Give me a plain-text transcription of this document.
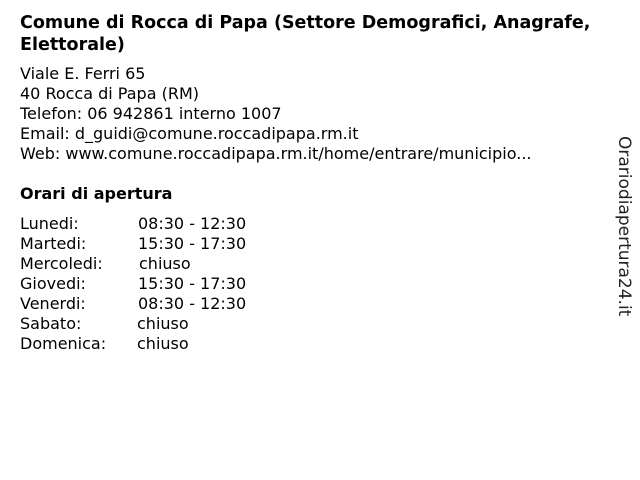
Comune di Rocca di Papa (Settore Demografici, Anagrafe, Elettorale)
Viale E. Ferri 65
40 Rocca di Papa (RM)
Telefon: 06 942861 interno 1007
Email: d_guidi@comune.roccadipapa.rm.it
Web: www.comune.roccadipapa.rm.it/home/entrare/municipio...
Orari di apertura
Lunedi:	08:30 - 12:30
Martedi:	15:30 - 17:30
Mercoledi: chiuso
Giovedi:	15:30 - 17:30
Venerdi:	08:30 - 12:30
Sabato:	chiuso
Domenica: chiuso
Orariodiapertura24.it
